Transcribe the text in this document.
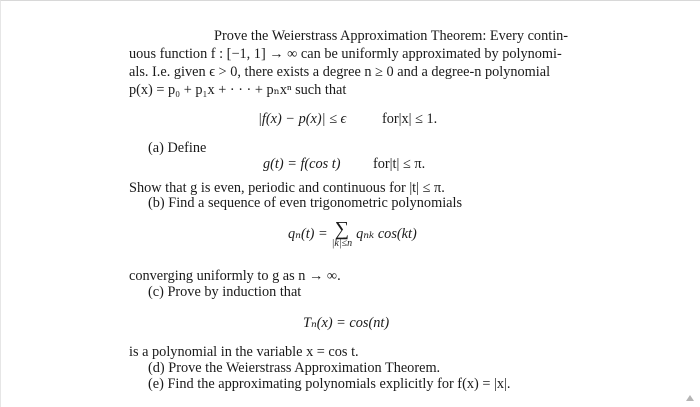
Prove the Weierstrass Approximation Theorem: Every contin-
uous function f : [−1, 1] → ∞ can be uniformly approximated by polynomi-
als. I.e. given ϵ > 0, there exists a degree n ≥ 0 and a degree-n polynomial
p(x) = p₀ + p₁x + · · · + pₙxⁿ such that
|f(x) − p(x)| ≤ ϵ for|x| ≤ 1.
(a) Define
g(t) = f(cos t) for|t| ≤ π.
Show that g is even, periodic and continuous for |t| ≤ π.
(b) Find a sequence of even trigonometric polynomials
qₙ(t) = ∑
|k|≤n
qₙₖ cos(kt)
converging uniformly to g as n → ∞.
(c) Prove by induction that
Tₙ(x) = cos(nt)
is a polynomial in the variable x = cos t.
(d) Prove the Weierstrass Approximation Theorem.
(e) Find the approximating polynomials explicitly for f(x) = |x|.
